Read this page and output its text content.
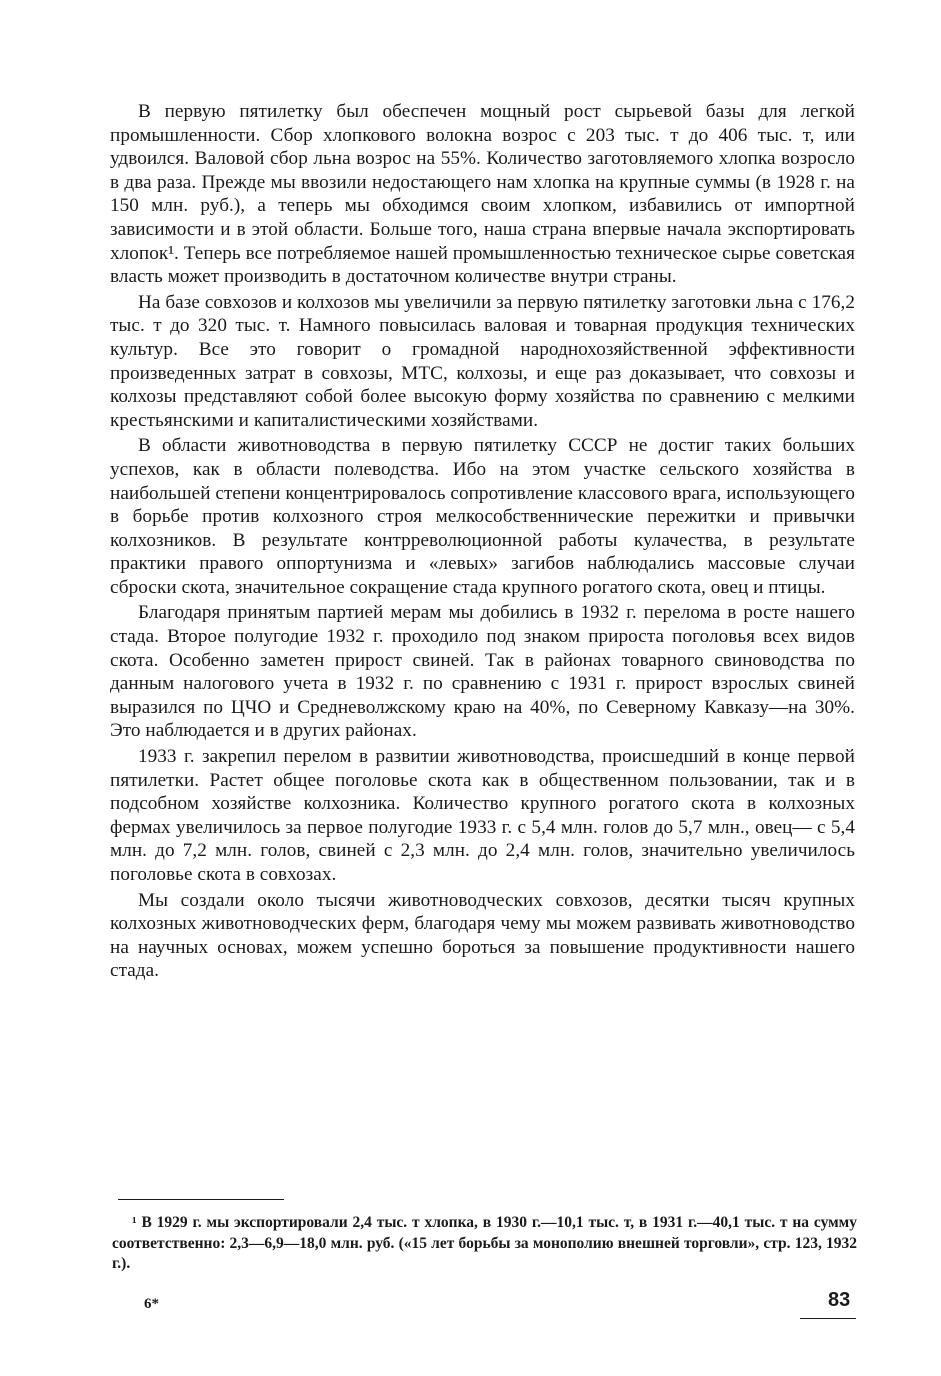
В первую пятилетку был обеспечен мощный рост сырьевой базы для легкой промышленности. Сбор хлопкового волокна возрос с 203 тыс. т до 406 тыс. т, или удвоился. Валовой сбор льна возрос на 55%. Количество заготовляемого хлопка возросло в два раза. Прежде мы ввозили недостающего нам хлопка на крупные суммы (в 1928 г. на 150 млн. руб.), а теперь мы обходимся своим хлопком, избавились от импортной зависимости и в этой области. Больше того, наша страна впервые начала экспортировать хлопок¹. Теперь все потребляемое нашей промышленностью техническое сырье советская власть может производить в достаточном количестве внутри страны.

На базе совхозов и колхозов мы увеличили за первую пятилетку заготовки льна с 176,2 тыс. т до 320 тыс. т. Намного повысилась валовая и товарная продукция технических культур. Все это говорит о громадной народнохозяйственной эффективности произведенных затрат в совхозы, МТС, колхозы, и еще раз доказывает, что совхозы и колхозы представляют собой более высокую форму хозяйства по сравнению с мелкими крестьянскими и капиталистическими хозяйствами.

В области животноводства в первую пятилетку СССР не достиг таких больших успехов, как в области полеводства. Ибо на этом участке сельского хозяйства в наибольшей степени концентрировалось сопротивление классового врага, использующего в борьбе против колхозного строя мелкособственнические пережитки и привычки колхозников. В результате контрреволюционной работы кулачества, в результате практики правого оппортунизма и «левых» загибов наблюдались массовые случаи сброски скота, значительное сокращение стада крупного рогатого скота, овец и птицы.

Благодаря принятым партией мерам мы добились в 1932 г. перелома в росте нашего стада. Второе полугодие 1932 г. проходило под знаком прироста поголовья всех видов скота. Особенно заметен прирост свиней. Так в районах товарного свиноводства по данным налогового учета в 1932 г. по сравнению с 1931 г. прирост взрослых свиней выразился по ЦЧО и Средневолжскому краю на 40%, по Северному Кавказу—на 30%. Это наблюдается и в других районах.

1933 г. закрепил перелом в развитии животноводства, происшедший в конце первой пятилетки. Растет общее поголовье скота как в общественном пользовании, так и в подсобном хозяйстве колхозника. Количество крупного рогатого скота в колхозных фермах увеличилось за первое полугодие 1933 г. с 5,4 млн. голов до 5,7 млн., овец— с 5,4 млн. до 7,2 млн. голов, свиней с 2,3 млн. до 2,4 млн. голов, значительно увеличилось поголовье скота в совхозах.

Мы создали около тысячи животноводческих совхозов, десятки тысяч крупных колхозных животноводческих ферм, благодаря чему мы можем развивать животноводство на научных основах, можем успешно бороться за повышение продуктивности нашего стада.

¹ В 1929 г. мы экспортировали 2,4 тыс. т хлопка, в 1930 г.—10,1 тыс. т, в 1931 г.—40,1 тыс. т на сумму соответственно: 2,3—6,9—18,0 млн. руб. («15 лет борьбы за монополию внешней торговли», стр. 123, 1932 г.).

6*	83
